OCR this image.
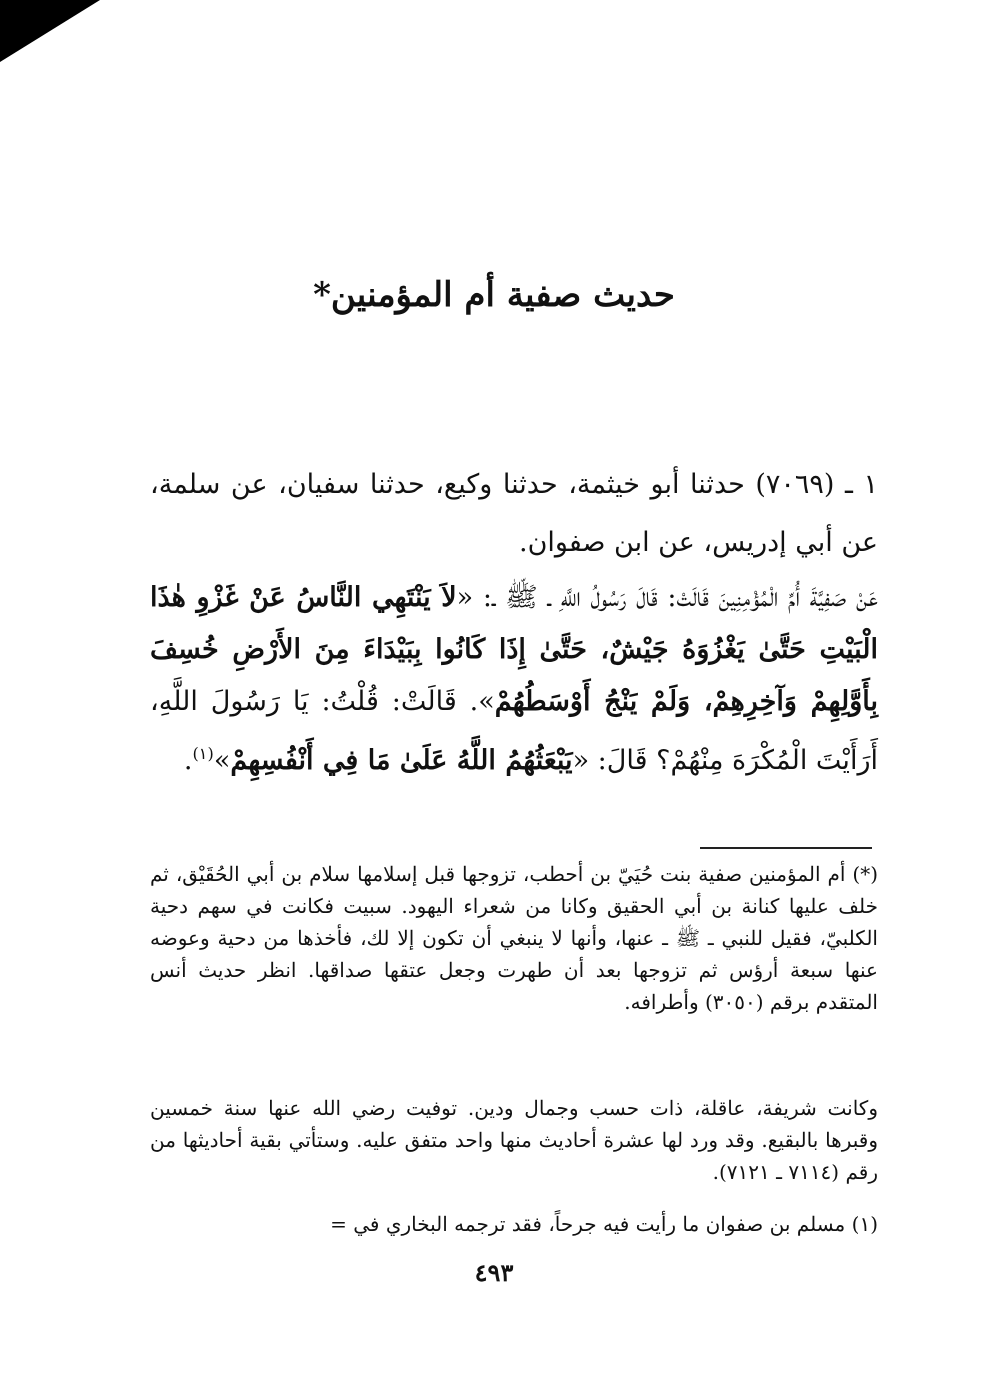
حديث صفية أم المؤمنين*
١ ـ (٧٠٦٩) حدثنا أبو خيثمة، حدثنا وكيع، حدثنا سفيان، عن سلمة، عن أبي إدريس، عن ابن صفوان.
عَنْ صَفِيَّةَ أُمِّ الْمُؤْمِنِينَ قَالَتْ: قَالَ رَسُولُ اللَّهِ ـ ﷺ ـ: «لاَ يَنْتَهِي النَّاسُ عَنْ غَزْوِ هٰذَا الْبَيْتِ حَتَّىٰ يَغْزُوَهُ جَيْشٌ، حَتَّىٰ إِذَا كَانُوا بِبَيْدَاءَ مِنَ الأَرْضِ خُسِفَ بِأَوَّلِهِمْ وَآخِرِهِمْ، وَلَمْ يَنْجُ أَوْسَطُهُمْ». قَالَتْ: قُلْتُ: يَا رَسُولَ اللَّهِ، أَرَأَيْتَ الْمُكْرَهَ مِنْهُمْ؟ قَالَ: «يَبْعَثُهُمُ اللَّهُ عَلَىٰ مَا فِي أَنْفُسِهِمْ»$^{(١)}$.

(*) أم المؤمنين صفية بنت حُيَيّ بن أحطب، تزوجها قبل إسلامها سلام بن أبي الحُقَيْق، ثم خلف عليها كنانة بن أبي الحقيق وكانا من شعراء اليهود. سبيت فكانت في سهم دحية الكلبيّ، فقيل للنبي ـ ﷺ ـ عنها، وأنها لا ينبغي أن تكون إلا لك، فأخذها من دحية وعوضه عنها سبعة أرؤس ثم تزوجها بعد أن طهرت وجعل عتقها صداقها. انظر حديث أنس المتقدم برقم (٣٠٥٠) وأطرافه.

وكانت شريفة، عاقلة، ذات حسب وجمال ودين. توفيت رضي الله عنها سنة خمسين وقبرها بالبقيع. وقد ورد لها عشرة أحاديث منها واحد متفق عليه. وستأتي بقية أحاديثها من رقم (٧١١٤ ـ ٧١٢١).

(١) مسلم بن صفوان ما رأيت فيه جرحاً، فقد ترجمه البخاري في =

٤٩٣
